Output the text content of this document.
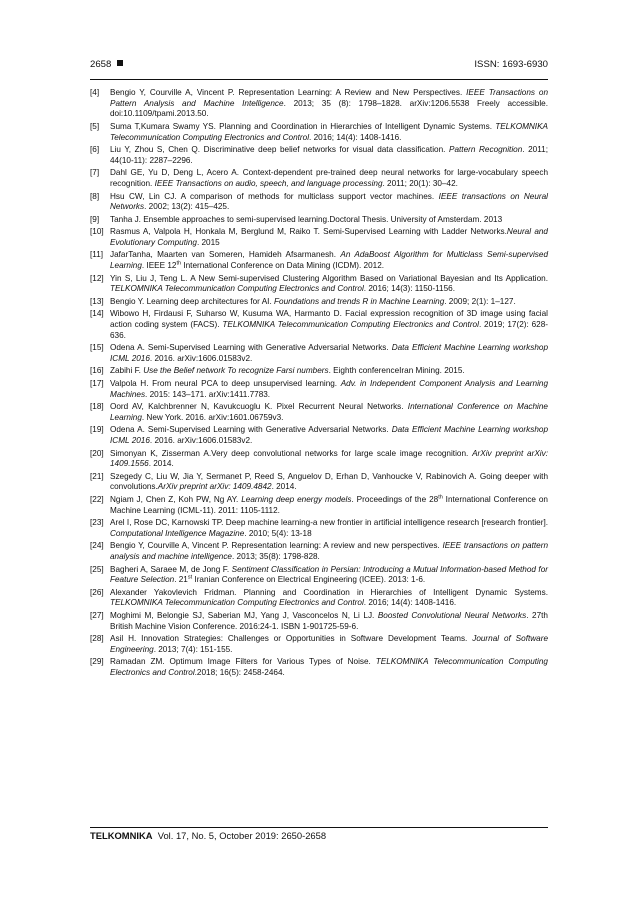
2658	ISSN: 1693-6930
[4] Bengio Y, Courville A, Vincent P. Representation Learning: A Review and New Perspectives. IEEE Transactions on Pattern Analysis and Machine Intelligence. 2013; 35 (8): 1798–1828. arXiv:1206.5538 Freely accessible. doi:10.1109/tpami.2013.50.
[5] Suma T,Kumara Swamy YS. Planning and Coordination in Hierarchies of Intelligent Dynamic Systems. TELKOMNIKA Telecommunication Computing Electronics and Control. 2016; 14(4): 1408-1416.
[6] Liu Y, Zhou S, Chen Q. Discriminative deep belief networks for visual data classification. Pattern Recognition. 2011; 44(10-11): 2287–2296.
[7] Dahl GE, Yu D, Deng L, Acero A. Context-dependent pre-trained deep neural networks for large-vocabulary speech recognition. IEEE Transactions on audio, speech, and language processing. 2011; 20(1): 30–42.
[8] Hsu CW, Lin CJ. A comparison of methods for multiclass support vector machines. IEEE transactions on Neural Networks. 2002; 13(2): 415–425.
[9] Tanha J. Ensemble approaches to semi-supervised learning.Doctoral Thesis. University of Amsterdam. 2013
[10] Rasmus A, Valpola H, Honkala M, Berglund M, Raiko T. Semi-Supervised Learning with Ladder Networks.Neural and Evolutionary Computing. 2015
[11] JafarTanha, Maarten van Someren, Hamideh Afsarmanesh. An AdaBoost Algorithm for Multiclass Semi-supervised Learning. IEEE 12th International Conference on Data Mining (ICDM). 2012.
[12] Yin S, Liu J, Teng L. A New Semi-supervised Clustering Algorithm Based on Variational Bayesian and Its Application. TELKOMNIKA Telecommunication Computing Electronics and Control. 2016; 14(3): 1150-1156.
[13] Bengio Y. Learning deep architectures for AI. Foundations and trends R in Machine Learning. 2009; 2(1): 1–127.
[14] Wibowo H, Firdausi F, Suharso W, Kusuma WA, Harmanto D. Facial expression recognition of 3D image using facial action coding system (FACS). TELKOMNIKA Telecommunication Computing Electronics and Control. 2019; 17(2): 628-636.
[15] Odena A. Semi-Supervised Learning with Generative Adversarial Networks. Data Efficient Machine Learning workshop ICML 2016. 2016. arXiv:1606.01583v2.
[16] Zabihi F. Use the Belief network To recognize Farsi numbers. Eighth conferenceIran Mining. 2015.
[17] Valpola H. From neural PCA to deep unsupervised learning. Adv. in Independent Component Analysis and Learning Machines. 2015: 143–171. arXiv:1411.7783.
[18] Oord AV, Kalchbrenner N, Kavukcuoglu K. Pixel Recurrent Neural Networks. International Conference on Machine Learning. New York. 2016. arXiv:1601.06759v3.
[19] Odena A. Semi-Supervised Learning with Generative Adversarial Networks. Data Efficient Machine Learning workshop ICML 2016. 2016. arXiv:1606.01583v2.
[20] Simonyan K, Zisserman A.Very deep convolutional networks for large scale image recognition. ArXiv preprint arXiv: 1409.1556. 2014.
[21] Szegedy C, Liu W, Jia Y, Sermanet P, Reed S, Anguelov D, Erhan D, Vanhoucke V, Rabinovich A. Going deeper with convolutions.ArXiv preprint arXiv: 1409.4842. 2014.
[22] Ngiam J, Chen Z, Koh PW, Ng AY. Learning deep energy models. Proceedings of the 28th International Conference on Machine Learning (ICML-11). 2011: 1105-1112.
[23] Arel I, Rose DC, Karnowski TP. Deep machine learning-a new frontier in artificial intelligence research [research frontier]. Computational Intelligence Magazine. 2010; 5(4): 13-18
[24] Bengio Y, Courville A, Vincent P. Representation learning: A review and new perspectives. IEEE transactions on pattern analysis and machine intelligence. 2013; 35(8): 1798-828.
[25] Bagheri A, Saraee M, de Jong F. Sentiment Classification in Persian: Introducing a Mutual Information-based Method for Feature Selection. 21st Iranian Conference on Electrical Engineering (ICEE). 2013: 1-6.
[26] Alexander Yakovlevich Fridman. Planning and Coordination in Hierarchies of Intelligent Dynamic Systems. TELKOMNIKA Telecommunication Computing Electronics and Control. 2016; 14(4): 1408-1416.
[27] Moghimi M, Belongie SJ, Saberian MJ, Yang J, Vasconcelos N, Li LJ. Boosted Convolutional Neural Networks. 27th British Machine Vision Conference. 2016:24-1. ISBN 1-901725-59-6.
[28] Asil H. Innovation Strategies: Challenges or Opportunities in Software Development Teams. Journal of Software Engineering. 2013; 7(4): 151-155.
[29] Ramadan ZM. Optimum Image Filters for Various Types of Noise. TELKOMNIKA Telecommunication Computing Electronics and Control.2018; 16(5): 2458-2464.
TELKOMNIKA Vol. 17, No. 5, October 2019: 2650-2658
